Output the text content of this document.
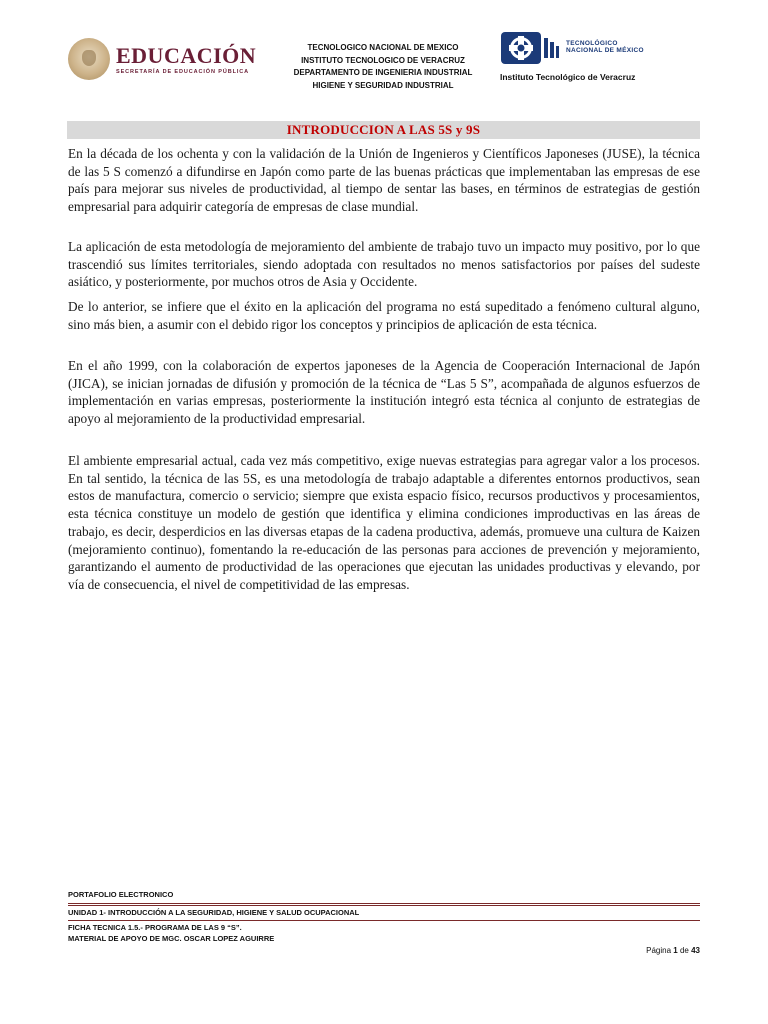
EDUCACIÓN
SECRETARÍA DE EDUCACIÓN PÚBLICA
TECNOLOGICO NACIONAL DE MEXICO
INSTITUTO TECNOLOGICO DE VERACRUZ
DEPARTAMENTO DE INGENIERIA INDUSTRIAL
HIGIENE Y SEGURIDAD INDUSTRIAL
TECNOLÓGICO
NACIONAL DE MÉXICO
Instituto Tecnológico de Veracruz
INTRODUCCION A LAS 5S y 9S

En la década de los ochenta y con la validación de la Unión de Ingenieros y Científicos Japoneses (JUSE), la técnica de las 5 S comenzó a difundirse en Japón como parte de las buenas prácticas que implementaban las empresas de ese país para mejorar sus niveles de productividad, al tiempo de sentar las bases, en términos de estrategias de gestión empresarial para adquirir categoría de empresas de clase mundial.

La aplicación de esta metodología de mejoramiento del ambiente de trabajo tuvo un impacto muy positivo, por lo que trascendió sus límites territoriales, siendo adoptada con resultados no menos satisfactorios por países del sudeste asiático, y posteriormente, por muchos otros de Asia y Occidente.

De lo anterior, se infiere que el éxito en la aplicación del programa no está supeditado a fenómeno cultural alguno, sino más bien, a asumir con el debido rigor los conceptos y principios de aplicación de esta técnica.

En el año 1999, con la colaboración de expertos japoneses de la Agencia de Cooperación Internacional de Japón (JICA), se inician jornadas de difusión y promoción de la técnica de “Las 5 S”, acompañada de algunos esfuerzos de implementación en varias empresas, posteriormente la institución integró esta técnica al conjunto de estrategias de apoyo al mejoramiento de la productividad empresarial.

El ambiente empresarial actual, cada vez más competitivo, exige nuevas estrategias para agregar valor a los procesos. En tal sentido, la técnica de las 5S, es una metodología de trabajo adaptable a diferentes entornos productivos, sean estos de manufactura, comercio o servicio; siempre que exista espacio físico, recursos productivos y procesamientos, esta técnica constituye un modelo de gestión que identifica y elimina condiciones improductivas en las áreas de trabajo, es decir, desperdicios en las diversas etapas de la cadena productiva, además, promueve una cultura de Kaizen (mejoramiento continuo), fomentando la re-educación de las personas para acciones de prevención y mejoramiento, garantizando el aumento de productividad de las operaciones que ejecutan las unidades productivas y elevando, por vía de consecuencia, el nivel de competitividad de las empresas.

PORTAFOLIO ELECTRONICO
UNIDAD 1- INTRODUCCIÓN A LA SEGURIDAD, HIGIENE Y SALUD OCUPACIONAL
FICHA TECNICA 1.5.- PROGRAMA DE LAS 9 “S”.
MATERIAL DE APOYO DE MGC. OSCAR LOPEZ AGUIRRE
Página 1 de 43
